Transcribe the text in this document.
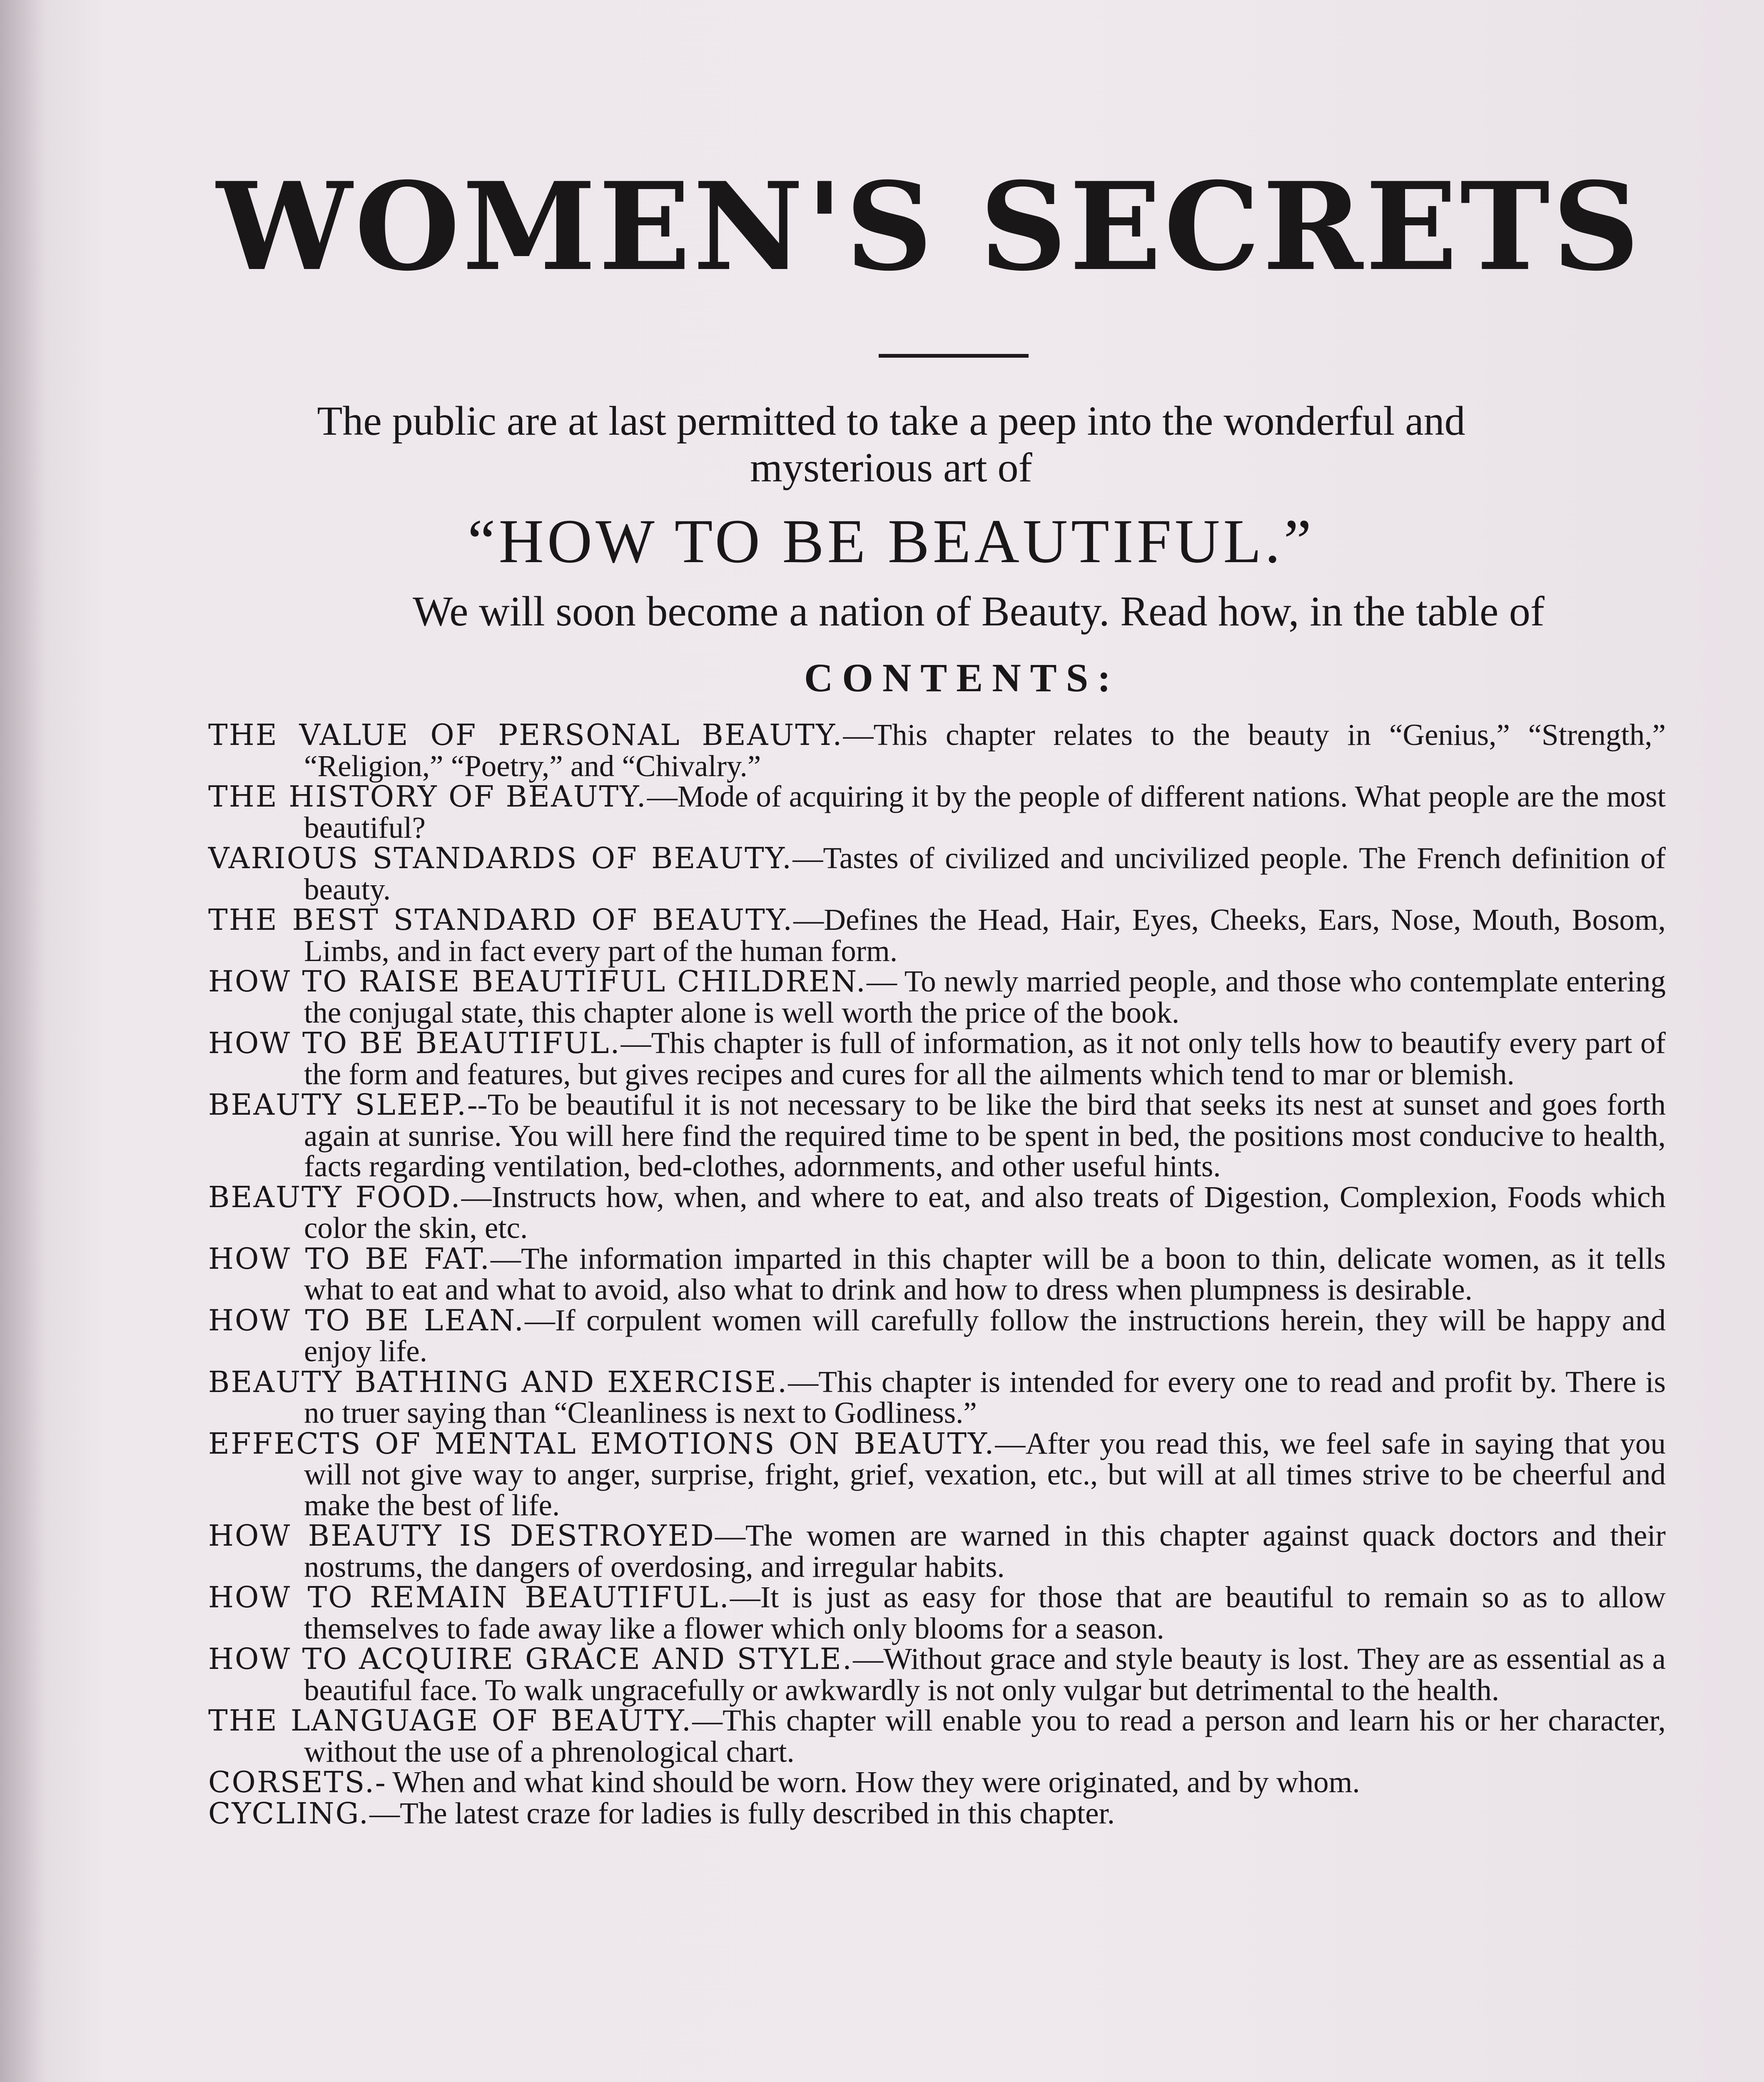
WOMEN'S SECRETS
The public are at last permitted to take a peep into the wonderful and mysterious art of
“HOW TO BE BEAUTIFUL.”
We will soon become a nation of Beauty. Read how, in the table of
CONTENTS:

THE VALUE OF PERSONAL BEAUTY.—This chapter relates to the beauty in “Genius,” “Strength,” “Religion,” “Poetry,” and “Chivalry.”

THE HISTORY OF BEAUTY.—Mode of acquiring it by the people of different nations. What people are the most beautiful?

VARIOUS STANDARDS OF BEAUTY.—Tastes of civilized and uncivilized people. The French definition of beauty.

THE BEST STANDARD OF BEAUTY.—Defines the Head, Hair, Eyes, Cheeks, Ears, Nose, Mouth, Bosom, Limbs, and in fact every part of the human form.

HOW TO RAISE BEAUTIFUL CHILDREN.— To newly married people, and those who contemplate entering the conjugal state, this chapter alone is well worth the price of the book.

HOW TO BE BEAUTIFUL.—This chapter is full of information, as it not only tells how to beautify every part of the form and features, but gives recipes and cures for all the ailments which tend to mar or blemish.

BEAUTY SLEEP.--To be beautiful it is not necessary to be like the bird that seeks its nest at sunset and goes forth again at sunrise. You will here find the required time to be spent in bed, the positions most conducive to health, facts regarding ventilation, bed-clothes, adornments, and other useful hints.

BEAUTY FOOD.—Instructs how, when, and where to eat, and also treats of Digestion, Complexion, Foods which color the skin, etc.

HOW TO BE FAT.—The information imparted in this chapter will be a boon to thin, delicate women, as it tells what to eat and what to avoid, also what to drink and how to dress when plumpness is desirable.

HOW TO BE LEAN.—If corpulent women will carefully follow the instructions herein, they will be happy and enjoy life.

BEAUTY BATHING AND EXERCISE.—This chapter is intended for every one to read and profit by. There is no truer saying than “Cleanliness is next to Godliness.”

EFFECTS OF MENTAL EMOTIONS ON BEAUTY.—After you read this, we feel safe in saying that you will not give way to anger, surprise, fright, grief, vexation, etc., but will at all times strive to be cheerful and make the best of life.

HOW BEAUTY IS DESTROYED—The women are warned in this chapter against quack doctors and their nostrums, the dangers of overdosing, and irregular habits.

HOW TO REMAIN BEAUTIFUL.—It is just as easy for those that are beautiful to remain so as to allow themselves to fade away like a flower which only blooms for a season.

HOW TO ACQUIRE GRACE AND STYLE.—Without grace and style beauty is lost. They are as essential as a beautiful face. To walk ungracefully or awkwardly is not only vulgar but detrimental to the health.

THE LANGUAGE OF BEAUTY.—This chapter will enable you to read a person and learn his or her character, without the use of a phrenological chart.

CORSETS.- When and what kind should be worn. How they were originated, and by whom.

CYCLING.—The latest craze for ladies is fully described in this chapter.
